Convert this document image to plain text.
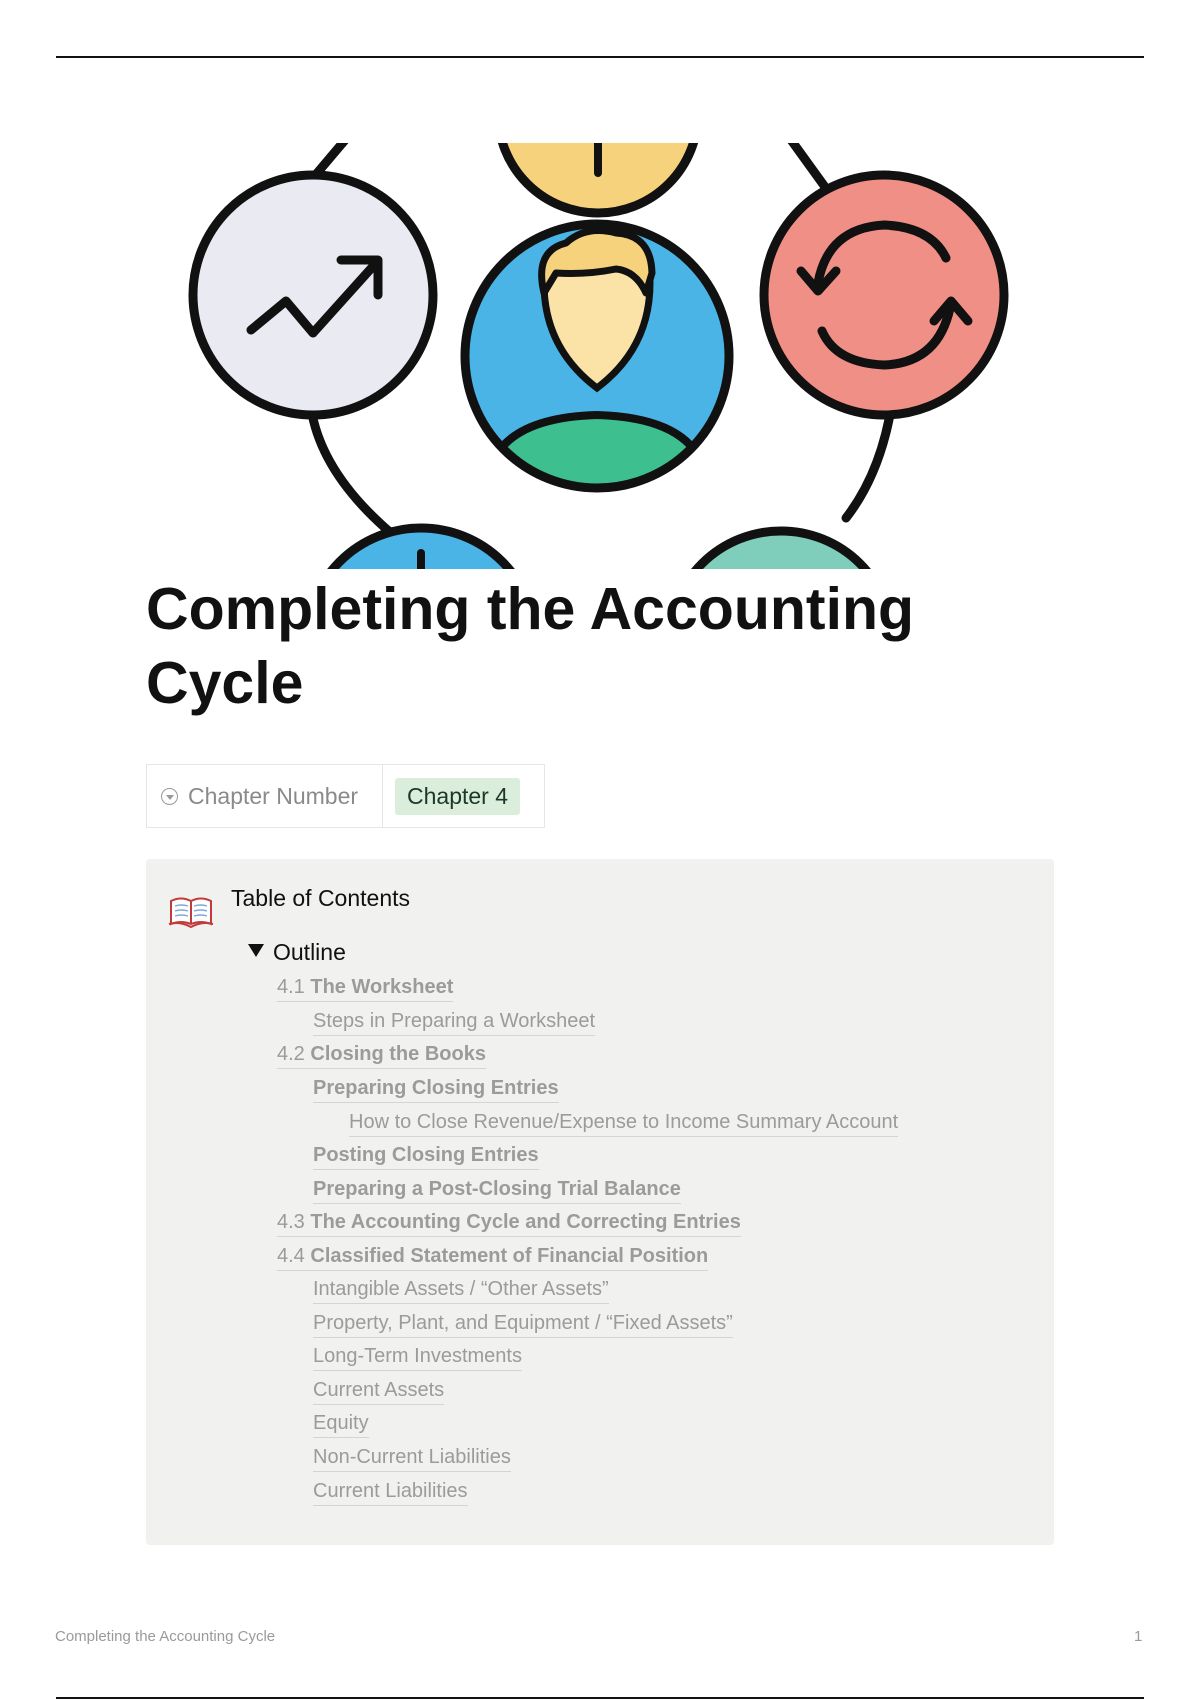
Completing the Accounting Cycle
Chapter Number	Chapter 4
Table of Contents
Outline
4.1 The Worksheet
Steps in Preparing a Worksheet
4.2 Closing the Books
Preparing Closing Entries
How to Close Revenue/Expense to Income Summary Account
Posting Closing Entries
Preparing a Post-Closing Trial Balance
4.3 The Accounting Cycle and Correcting Entries
4.4 Classified Statement of Financial Position
Intangible Assets / “Other Assets”
Property, Plant, and Equipment / “Fixed Assets”
Long-Term Investments
Current Assets
Equity
Non-Current Liabilities
Current Liabilities
Completing the Accounting Cycle	1
